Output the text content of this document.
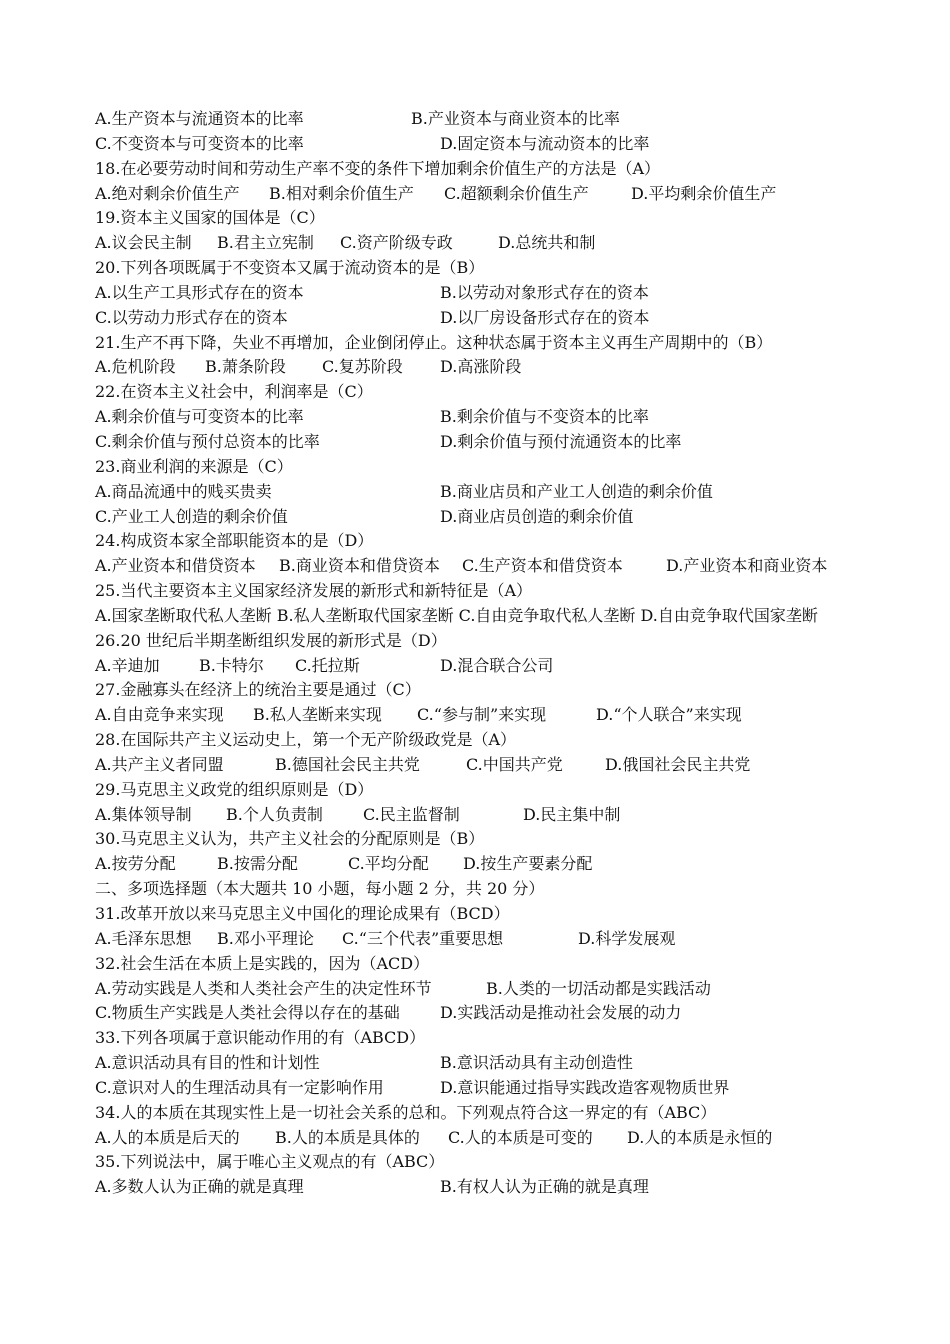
A.生产资本与流通资本的比率	B.产业资本与商业资本的比率
C.不变资本与可变资本的比率	D.固定资本与流动资本的比率
18.在必要劳动时间和劳动生产率不变的条件下增加剩余价值生产的方法是（A）
A.绝对剩余价值生产 B.相对剩余价值生产 C.超额剩余价值生产	D.平均剩余价值生产
19.资本主义国家的国体是（C）
A.议会民主制 B.君主立宪制 C.资产阶级专政	D.总统共和制
20.下列各项既属于不变资本又属于流动资本的是（B）
A.以生产工具形式存在的资本	B.以劳动对象形式存在的资本
C.以劳动力形式存在的资本	D.以厂房设备形式存在的资本
21.生产不再下降，失业不再增加，企业倒闭停止。这种状态属于资本主义再生产周期中的（B）
A.危机阶段 B.萧条阶段 C.复苏阶段 D.高涨阶段
22.在资本主义社会中，利润率是（C）
A.剩余价值与可变资本的比率	B.剩余价值与不变资本的比率
C.剩余价值与预付总资本的比率	D.剩余价值与预付流通资本的比率
23.商业利润的来源是（C）
A.商品流通中的贱买贵卖	B.商业店员和产业工人创造的剩余价值
C.产业工人创造的剩余价值	D.商业店员创造的剩余价值
24.构成资本家全部职能资本的是（D）
A.产业资本和借贷资本 B.商业资本和借贷资本 C.生产资本和借贷资本	D.产业资本和商业资本
25.当代主要资本主义国家经济发展的新形式和新特征是（A）
A.国家垄断取代私人垄断 B.私人垄断取代国家垄断 C.自由竞争取代私人垄断 D.自由竞争取代国家垄断
26.20 世纪后半期垄断组织发展的新形式是（D）
A.辛迪加 B.卡特尔 C.托拉斯	D.混合联合公司
27.金融寡头在经济上的统治主要是通过（C）
A.自由竞争来实现 B.私人垄断来实现 C.“参与制”来实现	D.“个人联合”来实现
28.在国际共产主义运动史上，第一个无产阶级政党是（A）
A.共产主义者同盟	B.德国社会民主共党	C.中国共产党	D.俄国社会民主共党
29.马克思主义政党的组织原则是（D）
A.集体领导制 B.个人负责制	C.民主监督制	D.民主集中制
30.马克思主义认为，共产主义社会的分配原则是（B）
A.按劳分配	B.按需分配	C.平均分配 D.按生产要素分配
二、多项选择题（本大题共 10 小题，每小题 2 分，共 20 分）
31.改革开放以来马克思主义中国化的理论成果有（BCD）
A.毛泽东思想 B.邓小平理论 C.“三个代表”重要思想	D.科学发展观
32.社会生活在本质上是实践的，因为（ACD）
A.劳动实践是人类和人类社会产生的决定性环节	B.人类的一切活动都是实践活动
C.物质生产实践是人类社会得以存在的基础	D.实践活动是推动社会发展的动力
33.下列各项属于意识能动作用的有（ABCD）
A.意识活动具有目的性和计划性	B.意识活动具有主动创造性
C.意识对人的生理活动具有一定影响作用	D.意识能通过指导实践改造客观物质世界
34.人的本质在其现实性上是一切社会关系的总和。下列观点符合这一界定的有（ABC）
A.人的本质是后天的 B.人的本质是具体的 C.人的本质是可变的 D.人的本质是永恒的
35.下列说法中，属于唯心主义观点的有（ABC）
A.多数人认为正确的就是真理	B.有权人认为正确的就是真理
